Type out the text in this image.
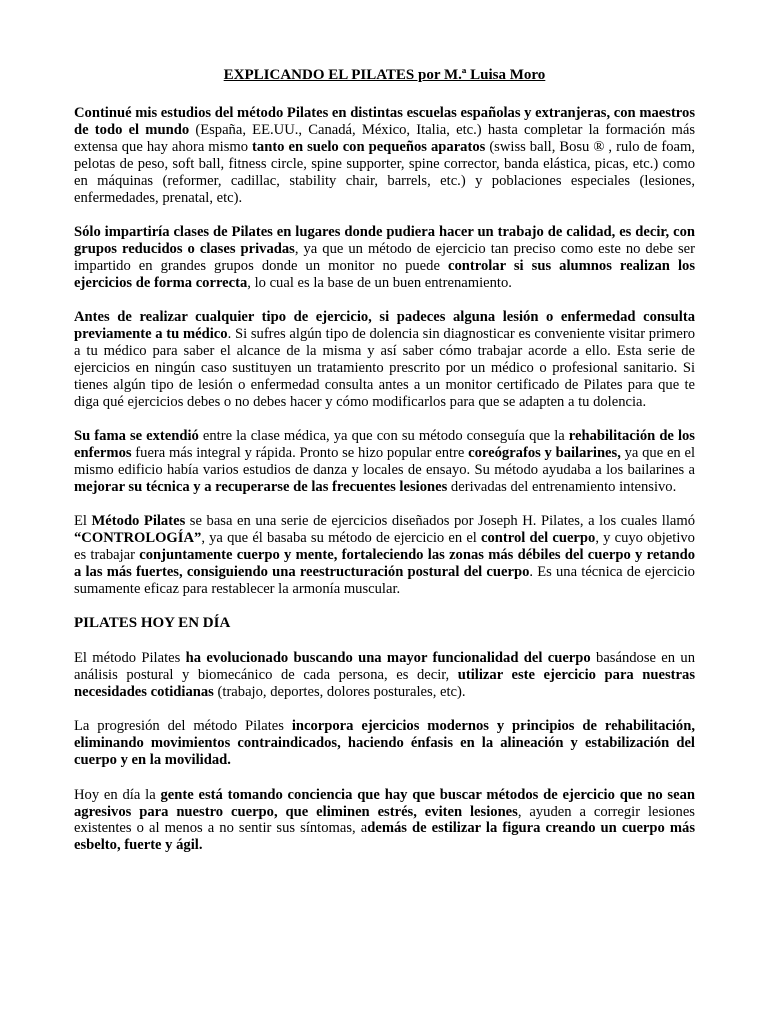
EXPLICANDO EL PILATES por M.ª Luisa Moro

Continué mis estudios del método Pilates en distintas escuelas españolas y extranjeras, con maestros de todo el mundo (España, EE.UU., Canadá, México, Italia, etc.) hasta completar la formación más extensa que hay ahora mismo tanto en suelo con pequeños aparatos (swiss ball, Bosu ® , rulo de foam, pelotas de peso, soft ball, fitness circle, spine supporter, spine corrector, banda elástica, picas, etc.) como en máquinas (reformer, cadillac, stability chair, barrels, etc.) y poblaciones especiales (lesiones, enfermedades, prenatal, etc).

Sólo impartiría clases de Pilates en lugares donde pudiera hacer un trabajo de calidad, es decir, con grupos reducidos o clases privadas, ya que un método de ejercicio tan preciso como este no debe ser impartido en grandes grupos donde un monitor no puede controlar si sus alumnos realizan los ejercicios de forma correcta, lo cual es la base de un buen entrenamiento.

Antes de realizar cualquier tipo de ejercicio, si padeces alguna lesión o enfermedad consulta previamente a tu médico. Si sufres algún tipo de dolencia sin diagnosticar es conveniente visitar primero a tu médico para saber el alcance de la misma y así saber cómo trabajar acorde a ello. Esta serie de ejercicios en ningún caso sustituyen un tratamiento prescrito por un médico o profesional sanitario. Si tienes algún tipo de lesión o enfermedad consulta antes a un monitor certificado de Pilates para que te diga qué ejercicios debes o no debes hacer y cómo modificarlos para que se adapten a tu dolencia.

Su fama se extendió entre la clase médica, ya que con su método conseguía que la rehabilitación de los enfermos fuera más integral y rápida. Pronto se hizo popular entre coreógrafos y bailarines, ya que en el mismo edificio había varios estudios de danza y locales de ensayo. Su método ayudaba a los bailarines a mejorar su técnica y a recuperarse de las frecuentes lesiones derivadas del entrenamiento intensivo.

El Método Pilates se basa en una serie de ejercicios diseñados por Joseph H. Pilates, a los cuales llamó “CONTROLOGÍA”, ya que él basaba su método de ejercicio en el control del cuerpo, y cuyo objetivo es trabajar conjuntamente cuerpo y mente, fortaleciendo las zonas más débiles del cuerpo y retando a las más fuertes, consiguiendo una reestructuración postural del cuerpo. Es una técnica de ejercicio sumamente eficaz para restablecer la armonía muscular.

PILATES HOY EN DÍA

El método Pilates ha evolucionado buscando una mayor funcionalidad del cuerpo basándose en un análisis postural y biomecánico de cada persona, es decir, utilizar este ejercicio para nuestras necesidades cotidianas (trabajo, deportes, dolores posturales, etc).

La progresión del método Pilates incorpora ejercicios modernos y principios de rehabilitación, eliminando movimientos contraindicados, haciendo énfasis en la alineación y estabilización del cuerpo y en la movilidad.

Hoy en día la gente está tomando conciencia que hay que buscar métodos de ejercicio que no sean agresivos para nuestro cuerpo, que eliminen estrés, eviten lesiones, ayuden a corregir lesiones existentes o al menos a no sentir sus síntomas, además de estilizar la figura creando un cuerpo más esbelto, fuerte y ágil.
